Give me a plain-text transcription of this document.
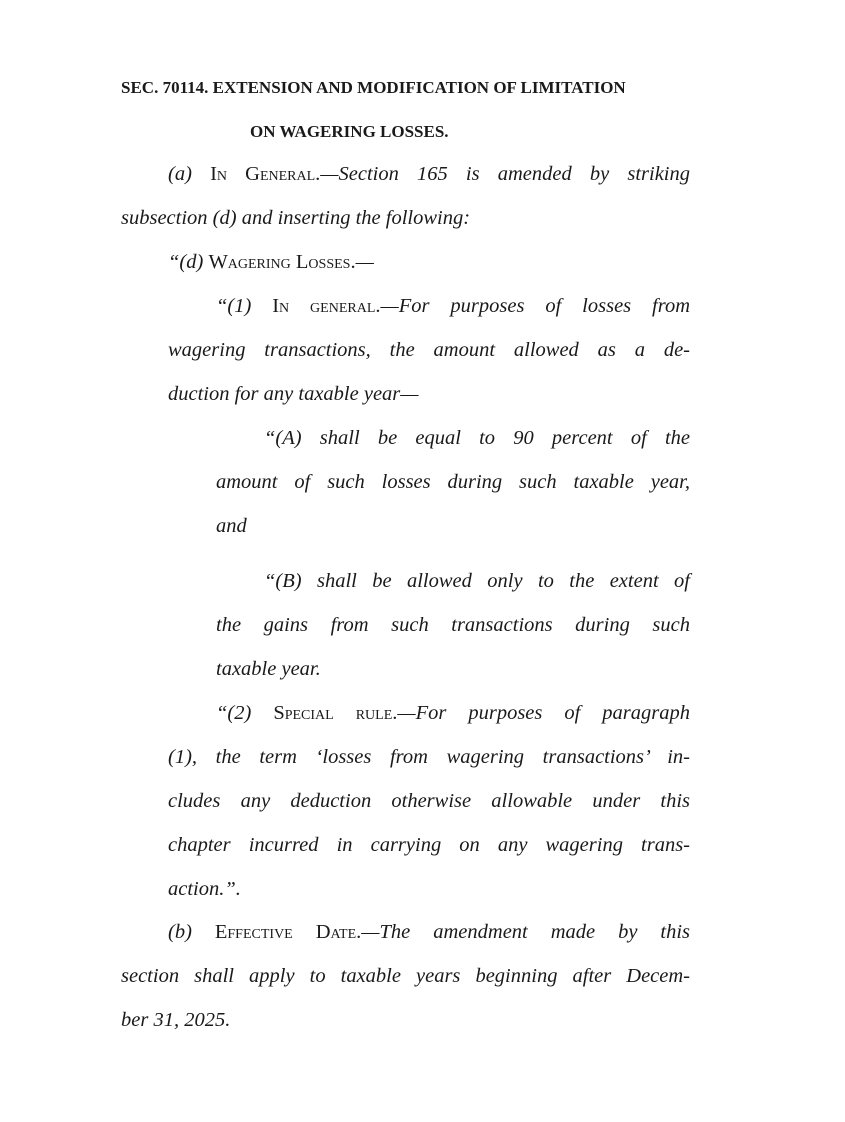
SEC. 70114. EXTENSION AND MODIFICATION OF LIMITATION
ON WAGERING LOSSES.
(a) In General.—Section 165 is amended by striking
subsection (d) and inserting the following:
“(d) Wagering Losses.—
“(1) In general.—For purposes of losses from
wagering transactions, the amount allowed as a de-
duction for any taxable year—
“(A) shall be equal to 90 percent of the
amount of such losses during such taxable year,
and
“(B) shall be allowed only to the extent of
the gains from such transactions during such
taxable year.
“(2) Special rule.—For purposes of paragraph
(1), the term ‘losses from wagering transactions’ in-
cludes any deduction otherwise allowable under this
chapter incurred in carrying on any wagering trans-
action.”.
(b) Effective Date.—The amendment made by this
section shall apply to taxable years beginning after Decem-
ber 31, 2025.
